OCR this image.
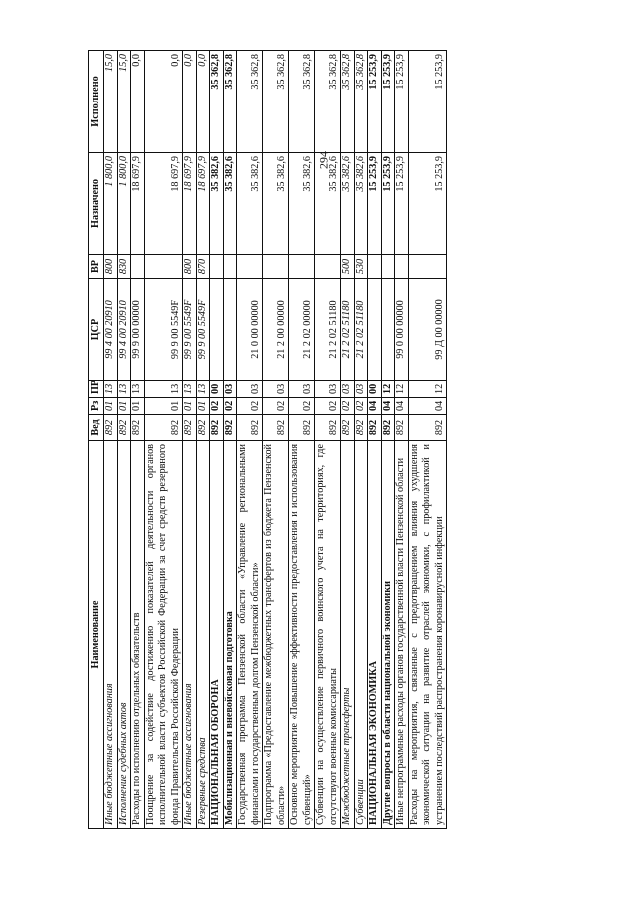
294
Наименование	Вед	Рз	ПР	ЦСР	ВР	Назначено	Исполнено
Иные бюджетные ассигнования	892	01	13	99 4 00 20910	800	1 800,0	15,0
Исполнение судебных актов	892	01	13	99 4 00 20910	830	1 800,0	15,0
Расходы по исполнению отдельных обязательств	892	01	13	99 9 00 00000		18 697,9	0,0
Поощрение за содействие достижению показателей деятельности органов исполнительной власти субъектов Российской Федерации за счет средств резервного фонда Правительства Российской Федерации	892	01	13	99 9 00 5549F		18 697,9	0,0
Иные бюджетные ассигнования	892	01	13	99 9 00 5549F	800	18 697,9	0,0
Резервные средства	892	01	13	99 9 00 5549F	870	18 697,9	0,0
НАЦИОНАЛЬНАЯ ОБОРОНА	892	02	00			35 382,6	35 362,8
Мобилизационная и вневойсковая подготовка	892	02	03			35 382,6	35 362,8
Государственная программа Пензенской области «Управление региональными финансами и государственным долгом Пензенской области»	892	02	03	21 0 00 00000		35 382,6	35 362,8
Подпрограмма «Предоставление межбюджетных трансфертов из бюджета Пензенской области»	892	02	03	21 2 00 00000		35 382,6	35 362,8
Основное мероприятие «Повышение эффективности предоставления и использования субвенций»	892	02	03	21 2 02 00000		35 382,6	35 362,8
Субвенции на осуществление первичного воинского учета на территориях, где отсутствуют военные комиссариаты	892	02	03	21 2 02 51180		35 382,6	35 362,8
Межбюджетные трансферты	892	02	03	21 2 02 51180	500	35 382,6	35 362,8
Субвенции	892	02	03	21 2 02 51180	530	35 382,6	35 362,8
НАЦИОНАЛЬНАЯ ЭКОНОМИКА	892	04	00			15 253,9	15 253,9
Другие вопросы в области национальной экономики	892	04	12			15 253,9	15 253,9
Иные непрограммные расходы органов государственной власти Пензенской области	892	04	12	99 0 00 00000		15 253,9	15 253,9
Расходы на мероприятия, связанные с предотвращением влияния ухудшения экономической ситуации на развитие отраслей экономики, с профилактикой и устранением последствий распространения коронавирусной инфекции	892	04	12	99 Д 00 00000		15 253,9	15 253,9
